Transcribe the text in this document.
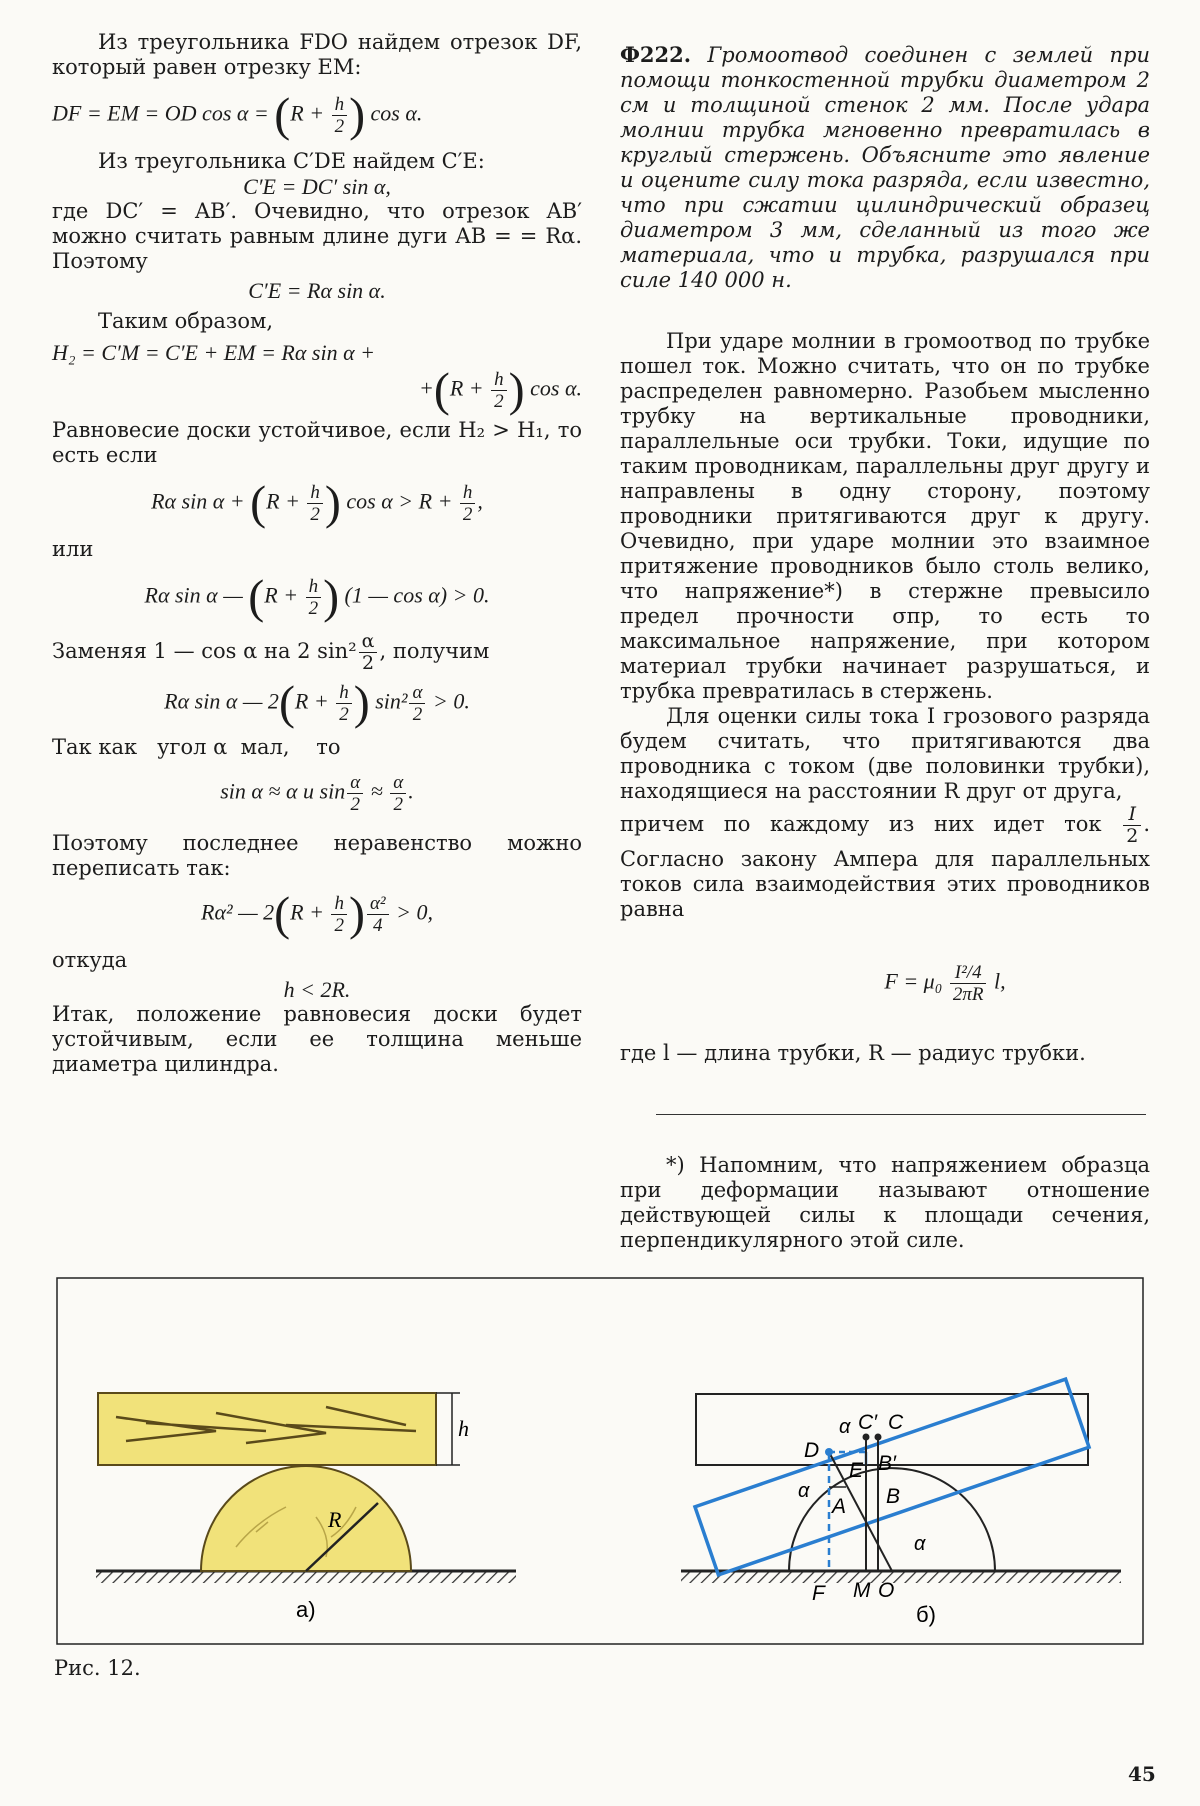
Из треугольника FDO найдем отрезок DF, который равен отрезку EM:

DF = EM = OD $\cos \alpha = (R + \frac{h}{2}$ ) cos α.

Из треугольника C′DE найдем C′E:

C′E = DC′ sin α,

где DC′ = AB′. Очевидно, что отрезок AB′ можно считать равным длине дуги AB = = Rα. Поэтому

C′E = Rα sin α.

Таким образом,

H₂ = C′M = C′E + EM = Rα sin α +

$+(R + \frac{h}{2}$ ) cos α.

Равновесие доски устойчивое, если H₂ > H₁, то есть если

Rα $\sin \alpha + (R + \frac{h}{2}$ ) $\cos \alpha > R + \frac{h}{2}$ ,

или

Rα sin α — ($R + \frac{h}{2}$ ) (1 — cos α) > 0.
Заменяя 1 — cos α на 2 $\sin^2 \frac{\alpha}{2}$ , получим
Rα sin α — $2(R + \frac{h}{2}$ ) $\sin^2 \frac{\alpha}{2} > 0$.

Так как   угол α  мал,    то

sin α ≈ α и $\sin \frac{\alpha}{2} \approx \frac{\alpha}{2}$ .

Поэтому последнее неравенство можно переписать так:

Rα² — $2(R + \frac{h}{2}$ ) $\frac{\text{α²}}{4} > 0$,

откуда

h < 2R.

Итак, положение равновесия доски будет устойчивым, если ее толщина меньше диаметра цилиндра.

Ф222. Громоотвод соединен с землей при помощи тонкостенной трубки диаметром 2 см и толщиной стенок 2 мм. После удара молнии трубка мгновенно превратилась в круглый стержень. Объясните это явление и оцените силу тока разряда, если известно, что при сжатии цилиндрический образец диаметром 3 мм, сделанный из того же материала, что и трубка, разрушался при силе 140 000 н.

При ударе молнии в громоотвод по трубке пошел ток. Можно считать, что он по трубке распределен равномерно. Разобьем мысленно трубку на вертикальные проводники, параллельные оси трубки. Токи, идущие по таким проводникам, параллельны друг другу и направлены в одну сторону, поэтому проводники притягиваются друг к другу. Очевидно, при ударе молнии это взаимное притяжение проводников было столь велико, что напряжение*) в стержне превысило предел прочности σпр, то есть то максимальное напряжение, при котором материал трубки начинает разрушаться, и трубка превратилась в стержень.

Для оценки силы тока I грозового разряда будем считать, что притягиваются два проводника с током (две половинки трубки), находящиеся на расстоянии R друг от друга,

причем по каждому из них идет ток $\frac{I}{2}$ . Согласно закону Ампера для параллельных токов сила взаимодействия этих проводников равна
$F = \mu_0 \frac{\text{I²/4}}{2\pi R} l$,

где l — длина трубки, R — радиус трубки.

*) Напомним, что напряжением образца при деформации называют отношение действующей силы к площади сечения, перпендикулярного этой силе.

R
h
а)
α C′ C
D
E B′
α
A B
α
F M O
б)
Рис. 12.
45
